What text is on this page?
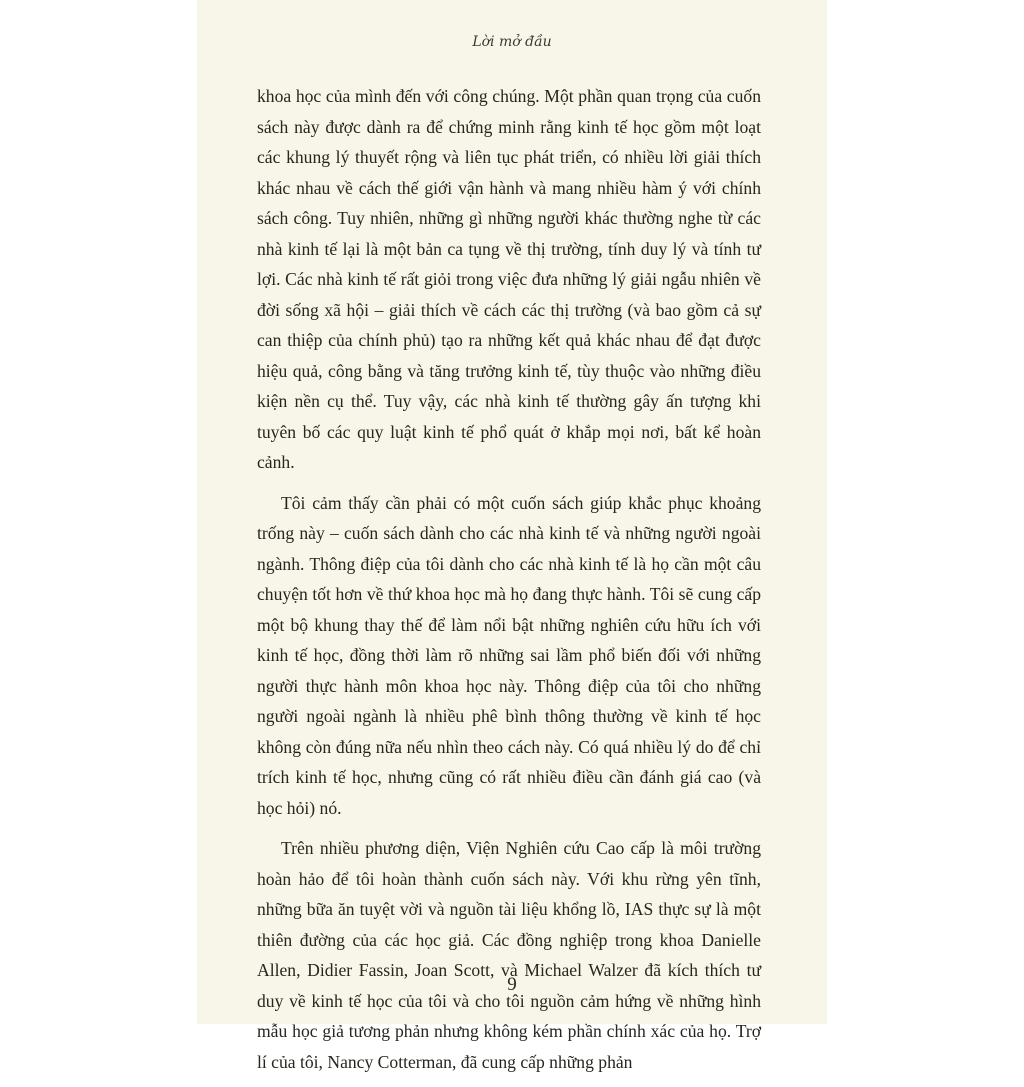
Lời mở đầu

khoa học của mình đến với công chúng. Một phần quan trọng của cuốn sách này được dành ra để chứng minh rằng kinh tế học gồm một loạt các khung lý thuyết rộng và liên tục phát triển, có nhiều lời giải thích khác nhau về cách thế giới vận hành và mang nhiều hàm ý với chính sách công. Tuy nhiên, những gì những người khác thường nghe từ các nhà kinh tế lại là một bản ca tụng về thị trường, tính duy lý và tính tư lợi. Các nhà kinh tế rất giỏi trong việc đưa những lý giải ngẫu nhiên về đời sống xã hội – giải thích về cách các thị trường (và bao gồm cả sự can thiệp của chính phủ) tạo ra những kết quả khác nhau để đạt được hiệu quả, công bằng và tăng trưởng kinh tế, tùy thuộc vào những điều kiện nền cụ thể. Tuy vậy, các nhà kinh tế thường gây ấn tượng khi tuyên bố các quy luật kinh tế phổ quát ở khắp mọi nơi, bất kể hoàn cảnh.

Tôi cảm thấy cần phải có một cuốn sách giúp khắc phục khoảng trống này – cuốn sách dành cho các nhà kinh tế và những người ngoài ngành. Thông điệp của tôi dành cho các nhà kinh tế là họ cần một câu chuyện tốt hơn về thứ khoa học mà họ đang thực hành. Tôi sẽ cung cấp một bộ khung thay thế để làm nổi bật những nghiên cứu hữu ích với kinh tế học, đồng thời làm rõ những sai lầm phổ biến đối với những người thực hành môn khoa học này. Thông điệp của tôi cho những người ngoài ngành là nhiều phê bình thông thường về kinh tế học không còn đúng nữa nếu nhìn theo cách này. Có quá nhiều lý do để chỉ trích kinh tế học, nhưng cũng có rất nhiều điều cần đánh giá cao (và học hỏi) nó.

Trên nhiều phương diện, Viện Nghiên cứu Cao cấp là môi trường hoàn hảo để tôi hoàn thành cuốn sách này. Với khu rừng yên tĩnh, những bữa ăn tuyệt vời và nguồn tài liệu khổng lồ, IAS thực sự là một thiên đường của các học giả. Các đồng nghiệp trong khoa Danielle Allen, Didier Fassin, Joan Scott, và Michael Walzer đã kích thích tư duy về kinh tế học của tôi và cho tôi nguồn cảm hứng về những hình mẫu học giả tương phản nhưng không kém phần chính xác của họ. Trợ lí của tôi, Nancy Cotterman, đã cung cấp những phản

9
